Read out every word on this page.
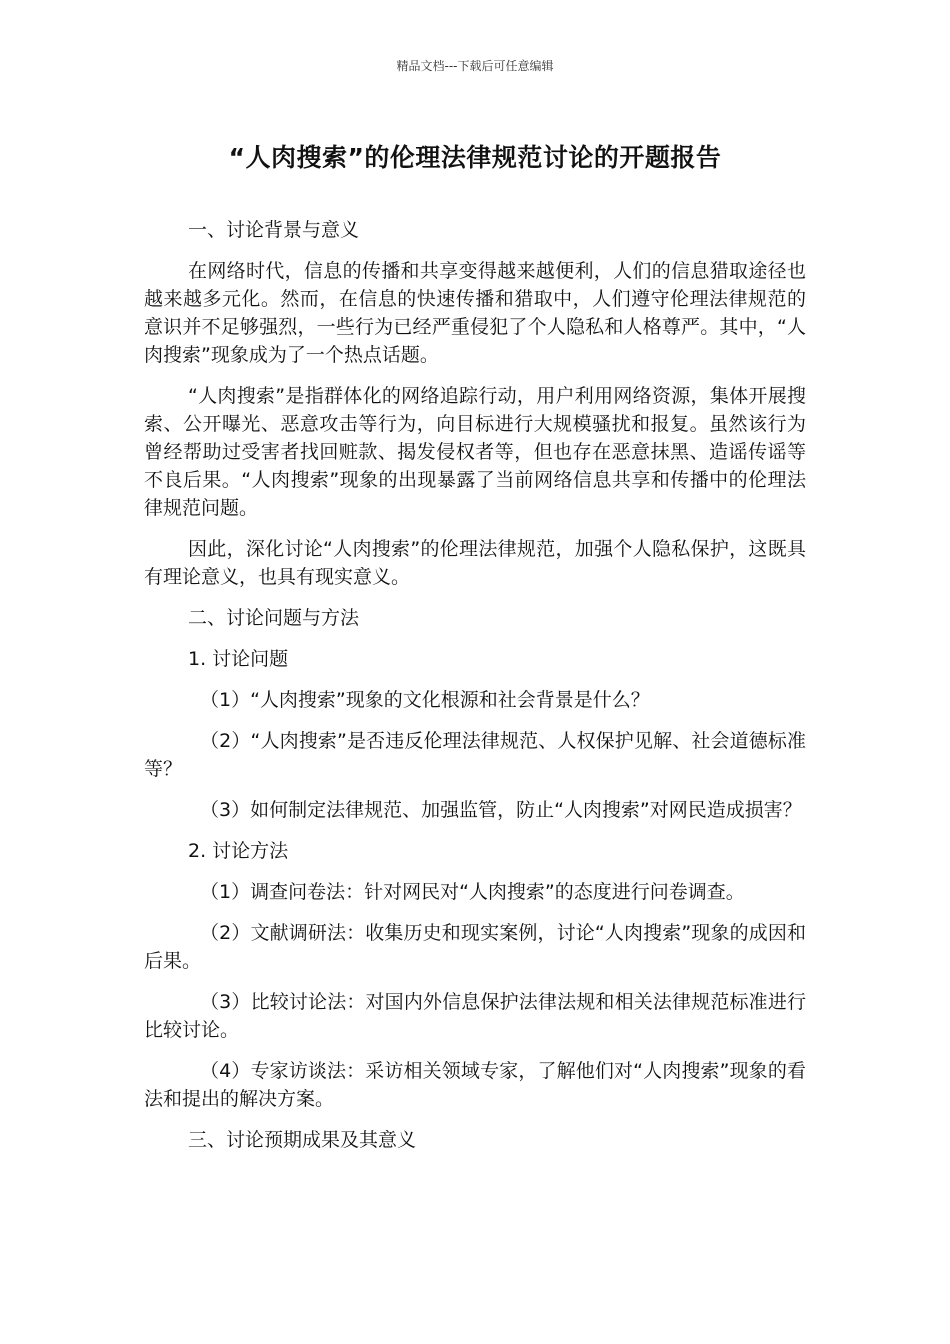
精品文档---下载后可任意编辑
“人肉搜索”的伦理法律规范讨论的开题报告

一、讨论背景与意义

在网络时代，信息的传播和共享变得越来越便利，人们的信息猎取途径也越来越多元化。然而，在信息的快速传播和猎取中，人们遵守伦理法律规范的意识并不足够强烈，一些行为已经严重侵犯了个人隐私和人格尊严。其中，“人肉搜索”现象成为了一个热点话题。

“人肉搜索”是指群体化的网络追踪行动，用户利用网络资源，集体开展搜索、公开曝光、恶意攻击等行为，向目标进行大规模骚扰和报复。虽然该行为曾经帮助过受害者找回赃款、揭发侵权者等，但也存在恶意抹黑、造谣传谣等不良后果。“人肉搜索”现象的出现暴露了当前网络信息共享和传播中的伦理法律规范问题。

因此，深化讨论“人肉搜索”的伦理法律规范，加强个人隐私保护，这既具有理论意义，也具有现实意义。

二、讨论问题与方法

1. 讨论问题

（1）“人肉搜索”现象的文化根源和社会背景是什么？

（2）“人肉搜索”是否违反伦理法律规范、人权保护见解、社会道德标准等？

（3）如何制定法律规范、加强监管，防止“人肉搜索”对网民造成损害？

2. 讨论方法

（1）调查问卷法：针对网民对“人肉搜索”的态度进行问卷调查。

（2）文献调研法：收集历史和现实案例，讨论“人肉搜索”现象的成因和后果。

（3）比较讨论法：对国内外信息保护法律法规和相关法律规范标准进行比较讨论。

（4）专家访谈法：采访相关领域专家，了解他们对“人肉搜索”现象的看法和提出的解决方案。

三、讨论预期成果及其意义
